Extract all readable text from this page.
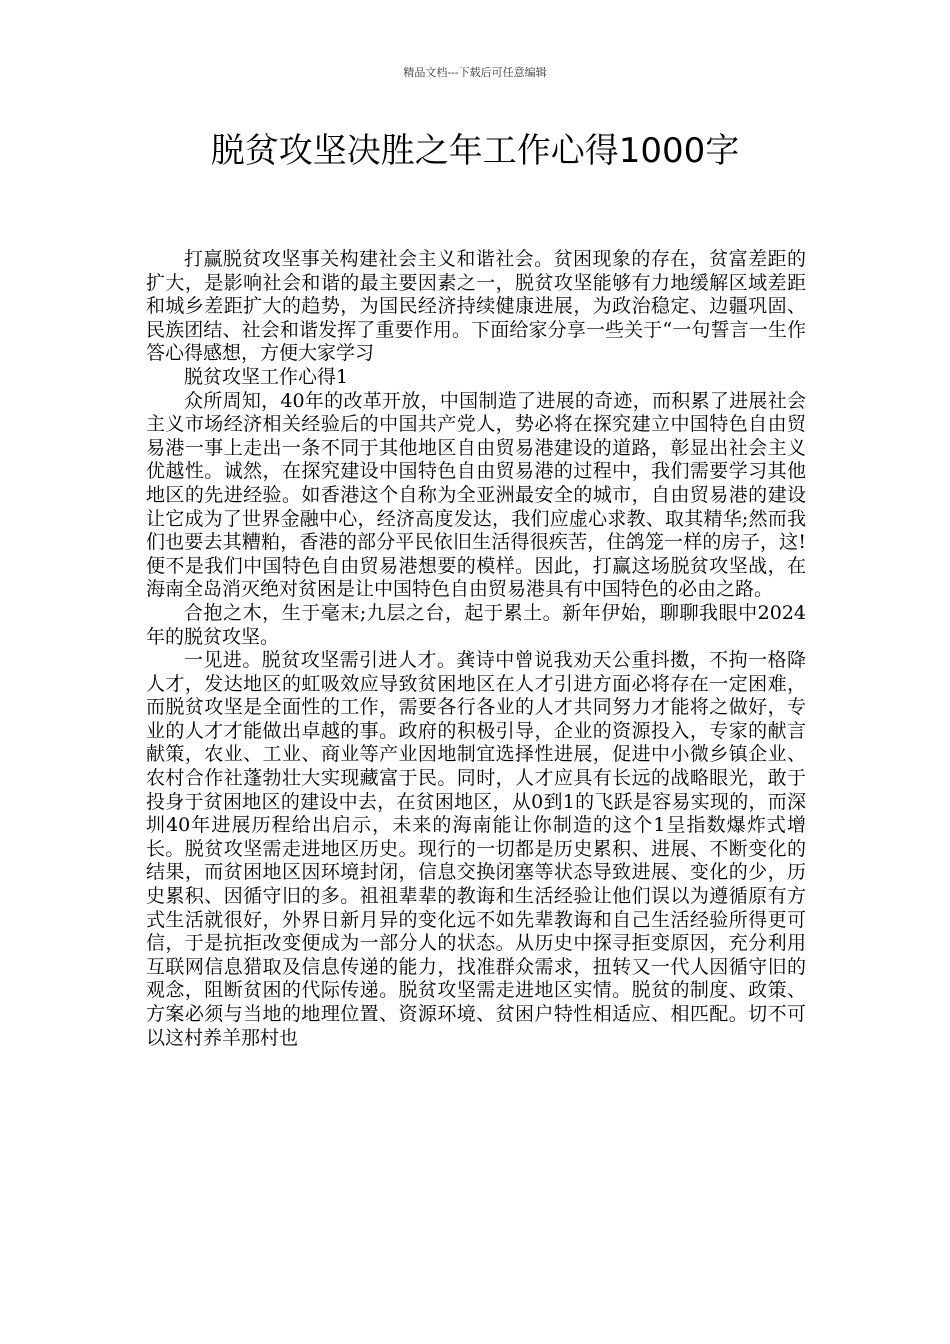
精品文档---下载后可任意编辑
脱贫攻坚决胜之年工作心得1000字

打赢脱贫攻坚事关构建社会主义和谐社会。贫困现象的存在，贫富差距的扩大，是影响社会和谐的最主要因素之一，脱贫攻坚能够有力地缓解区域差距和城乡差距扩大的趋势，为国民经济持续健康进展，为政治稳定、边疆巩固、民族团结、社会和谐发挥了重要作用。下面给家分享一些关于“一句誓言一生作答心得感想，方便大家学习

脱贫攻坚工作心得1

众所周知，40年的改革开放，中国制造了进展的奇迹，而积累了进展社会主义市场经济相关经验后的中国共产党人，势必将在探究建立中国特色自由贸易港一事上走出一条不同于其他地区自由贸易港建设的道路，彰显出社会主义优越性。诚然，在探究建设中国特色自由贸易港的过程中，我们需要学习其他地区的先进经验。如香港这个自称为全亚洲最安全的城市，自由贸易港的建设让它成为了世界金融中心，经济高度发达，我们应虚心求教、取其精华;然而我们也要去其糟粕，香港的部分平民依旧生活得很疾苦，住鸽笼一样的房子，这!便不是我们中国特色自由贸易港想要的模样。因此，打赢这场脱贫攻坚战，在海南全岛消灭绝对贫困是让中国特色自由贸易港具有中国特色的必由之路。

合抱之木，生于毫末;九层之台，起于累土。新年伊始，聊聊我眼中2024年的脱贫攻坚。

一见进。脱贫攻坚需引进人才。龚诗中曾说我劝天公重抖擞，不拘一格降人才，发达地区的虹吸效应导致贫困地区在人才引进方面必将存在一定困难，而脱贫攻坚是全面性的工作，需要各行各业的人才共同努力才能将之做好，专业的人才才能做出卓越的事。政府的积极引导，企业的资源投入，专家的献言献策，农业、工业、商业等产业因地制宜选择性进展，促进中小微乡镇企业、农村合作社蓬勃壮大实现藏富于民。同时，人才应具有长远的战略眼光，敢于投身于贫困地区的建设中去，在贫困地区，从0到1的飞跃是容易实现的，而深圳40年进展历程给出启示，未来的海南能让你制造的这个1呈指数爆炸式增长。脱贫攻坚需走进地区历史。现行的一切都是历史累积、进展、不断变化的结果，而贫困地区因环境封闭，信息交换闭塞等状态导致进展、变化的少，历史累积、因循守旧的多。祖祖辈辈的教诲和生活经验让他们误以为遵循原有方式生活就很好，外界日新月异的变化远不如先辈教诲和自己生活经验所得更可信，于是抗拒改变便成为一部分人的状态。从历史中探寻拒变原因，充分利用互联网信息猎取及信息传递的能力，找准群众需求，扭转又一代人因循守旧的观念，阻断贫困的代际传递。脱贫攻坚需走进地区实情。脱贫的制度、政策、方案必须与当地的地理位置、资源环境、贫困户特性相适应、相匹配。切不可以这村养羊那村也
